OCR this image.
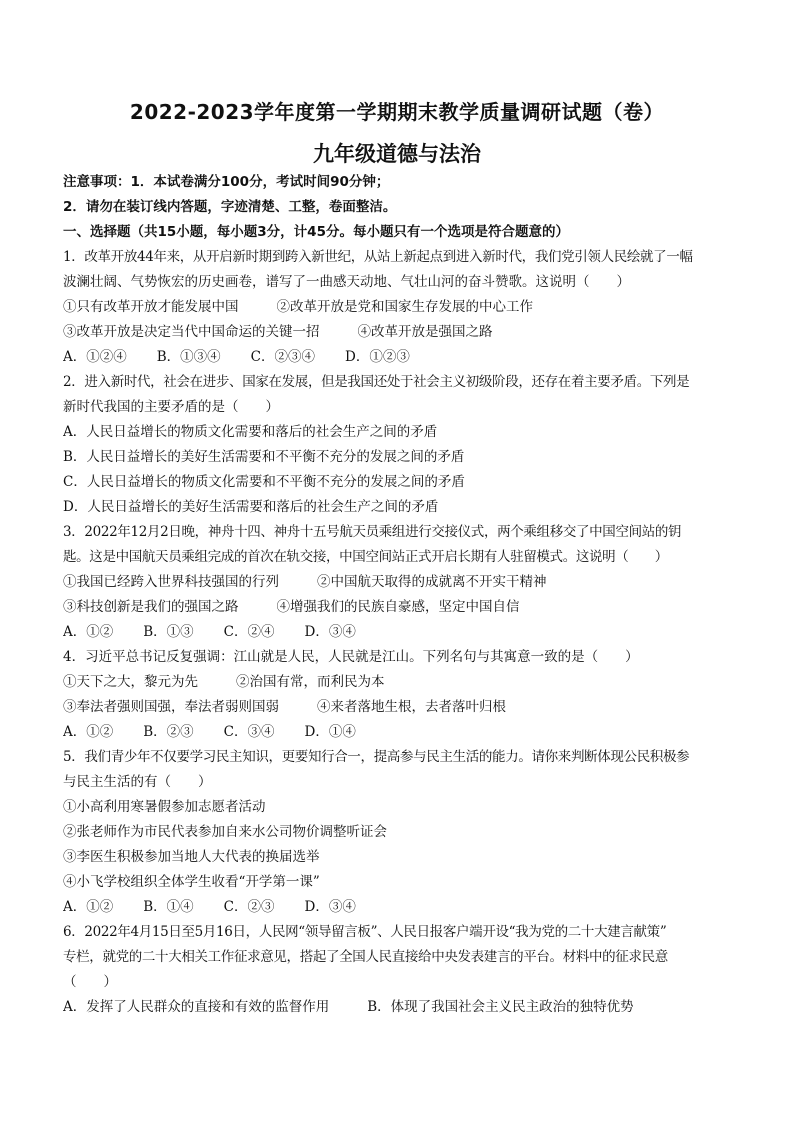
2022-2023学年度第一学期期末教学质量调研试题（卷）
九年级道德与法治
注意事项：1．本试卷满分100分，考试时间90分钟；
2．请勿在装订线内答题，字迹清楚、工整，卷面整洁。
一、选择题（共15小题，每小题3分，计45分。每小题只有一个选项是符合题意的）
1．改革开放44年来，从开启新时期到跨入新世纪，从站上新起点到进入新时代，我们党引领人民绘就了一幅
波澜壮阔、气势恢宏的历史画卷，谱写了一曲感天动地、气壮山河的奋斗赞歌。这说明（　　）
①只有改革开放才能发展中国	②改革开放是党和国家生存发展的中心工作
③改革开放是决定当代中国命运的关键一招	④改革开放是强国之路
A．①②④ B．①③④ C．②③④ D．①②③
2．进入新时代，社会在进步、国家在发展，但是我国还处于社会主义初级阶段，还存在着主要矛盾。下列是
新时代我国的主要矛盾的是（　　）
A．人民日益增长的物质文化需要和落后的社会生产之间的矛盾
B．人民日益增长的美好生活需要和不平衡不充分的发展之间的矛盾
C．人民日益增长的物质文化需要和不平衡不充分的发展之间的矛盾
D．人民日益增长的美好生活需要和落后的社会生产之间的矛盾
3．2022年12月2日晚，神舟十四、神舟十五号航天员乘组进行交接仪式，两个乘组移交了中国空间站的钥
匙。这是中国航天员乘组完成的首次在轨交接，中国空间站正式开启长期有人驻留模式。这说明（　　）
①我国已经跨入世界科技强国的行列	②中国航天取得的成就离不开实干精神
③科技创新是我们的强国之路	④增强我们的民族自豪感，坚定中国自信
A．①② B．①③ C．②④ D．③④
4．习近平总书记反复强调：江山就是人民，人民就是江山。下列名句与其寓意一致的是（　　）
①天下之大，黎元为先	②治国有常，而利民为本
③奉法者强则国强，奉法者弱则国弱	④来者落地生根，去者落叶归根
A．①② B．②③ C．③④ D．①④
5．我们青少年不仅要学习民主知识，更要知行合一，提高参与民主生活的能力。请你来判断体现公民积极参
与民主生活的有（　　）
①小高利用寒暑假参加志愿者活动
②张老师作为市民代表参加自来水公司物价调整听证会
③李医生积极参加当地人大代表的换届选举
④小飞学校组织全体学生收看“开学第一课”
A．①② B．①④ C．②③ D．③④
6．2022年4月15日至5月16日，人民网“领导留言板”、人民日报客户端开设“我为党的二十大建言献策”
专栏，就党的二十大相关工作征求意见，搭起了全国人民直接给中央发表建言的平台。材料中的征求民意
（　　）
A．发挥了人民群众的直接和有效的监督作用	B．体现了我国社会主义民主政治的独特优势
